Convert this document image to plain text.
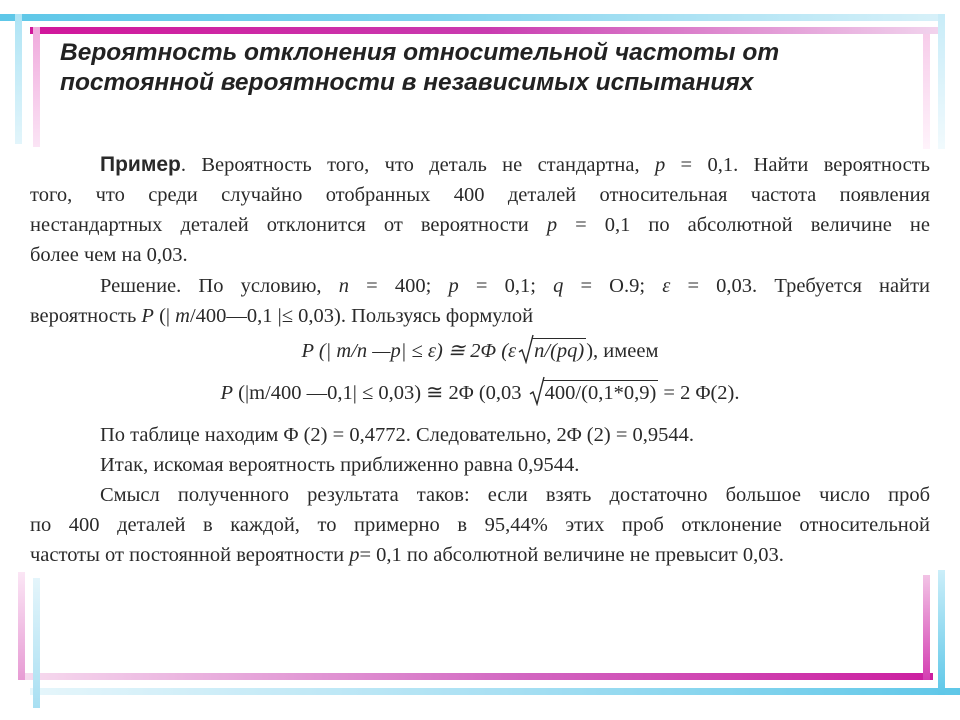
Вероятность отклонения относительной частоты от
постоянной вероятности в независимых испытаниях
Пример. Вероятность того, что деталь не стандартна, p = 0,1. Найти вероятность
того, что среди случайно отобранных 400 деталей относительная частота появления
нестандартных деталей отклонится от вероятности p = 0,1 по абсолютной величине не
более чем на 0,03.
Решение. По условию, n = 400; p = 0,1; q = О.9; ε = 0,03. Требуется найти
вероятность P (| m/400—0,1 |≤ 0,03). Пользуясь формулой
P (| m/n —p| ≤ ε) ≅ 2Φ (ε n/(pq)), имеем
P (|m/400 —0,1| ≤ 0,03) ≅ 2Φ (0,03
400/(0,1*0,9) = 2 Φ(2).
По таблице находим Φ (2) = 0,4772. Следовательно, 2Φ (2) = 0,9544.
Итак, искомая вероятность приближенно равна 0,9544.
Смысл полученного результата таков: если взять достаточно большое число проб
по 400 деталей в каждой, то примерно в 95,44% этих проб отклонение относительной
частоты от постоянной вероятности p= 0,1 по абсолютной величине не превысит 0,03.
